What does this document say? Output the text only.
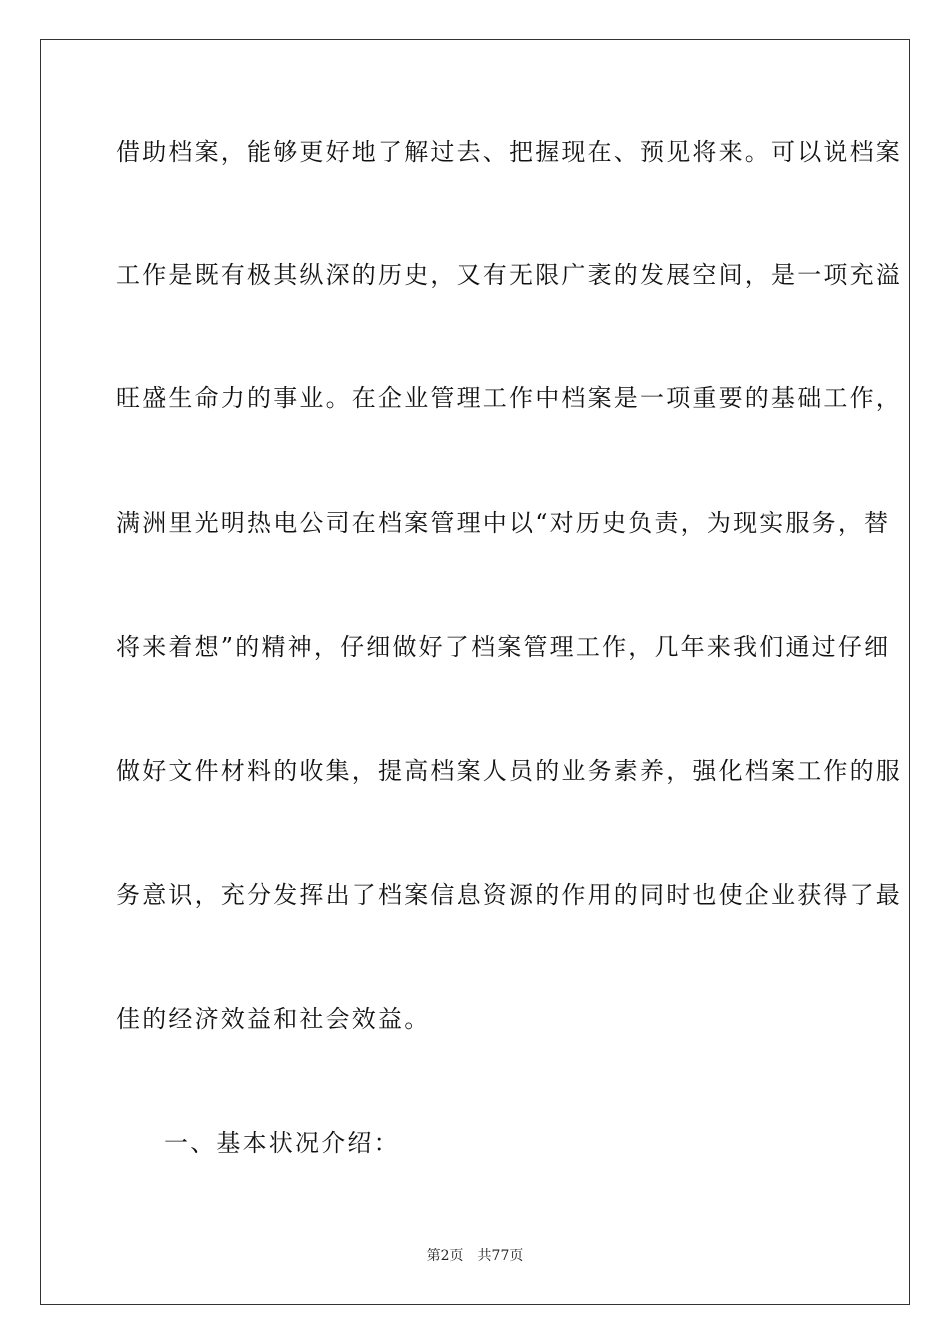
借助档案，能够更好地了解过去、把握现在、预见将来。可以说档案
工作是既有极其纵深的历史，又有无限广袤的发展空间，是一项充溢
旺盛生命力的事业。在企业管理工作中档案是一项重要的基础工作，
满洲里光明热电公司在档案管理中以“对历史负责，为现实服务，替
将来着想”的精神，仔细做好了档案管理工作，几年来我们通过仔细
做好文件材料的收集，提高档案人员的业务素养，强化档案工作的服
务意识，充分发挥出了档案信息资源的作用的同时也使企业获得了最
佳的经济效益和社会效益。
一、基本状况介绍：
第2页 共77页
